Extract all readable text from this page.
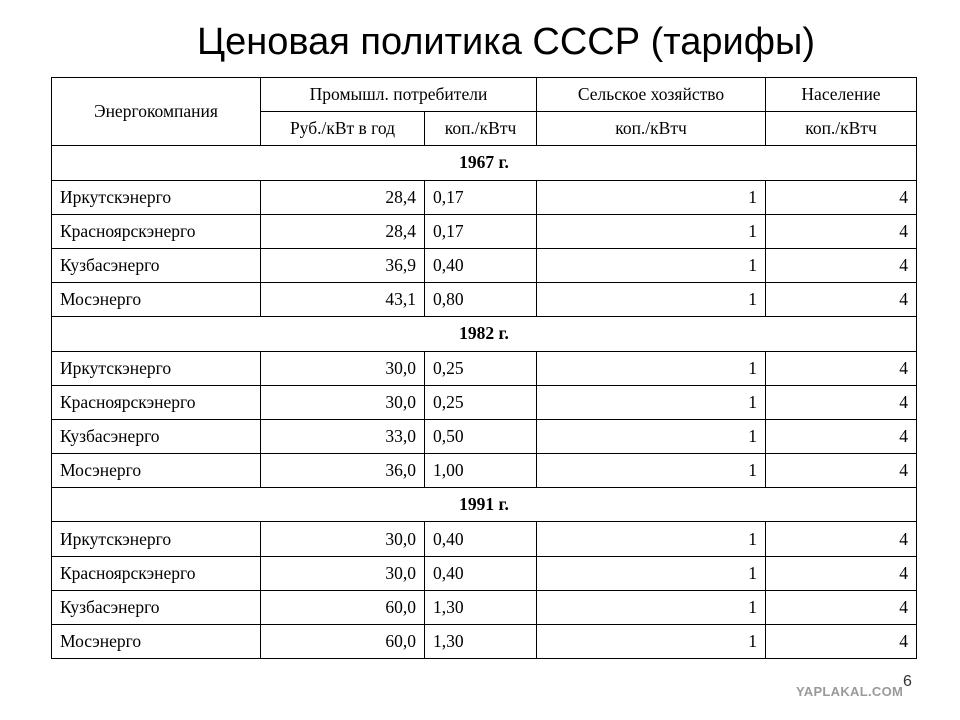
Ценовая политика СССР (тарифы)
Энергокомпания	Промышл. потребители		Сельское хозяйство	Население
	Руб./кВт в год	коп./кВтч	коп./кВтч	коп./кВтч
1967 г.				
Иркутскэнерго	28,4	0,17	1	4
Красноярскэнерго	28,4	0,17	1	4
Кузбасэнерго	36,9	0,40	1	4
Мосэнерго	43,1	0,80	1	4
1982 г.				
Иркутскэнерго	30,0	0,25	1	4
Красноярскэнерго	30,0	0,25	1	4
Кузбасэнерго	33,0	0,50	1	4
Мосэнерго	36,0	1,00	1	4
1991 г.				
Иркутскэнерго	30,0	0,40	1	4
Красноярскэнерго	30,0	0,40	1	4
Кузбасэнерго	60,0	1,30	1	4
Мосэнерго	60,0	1,30	1	4
6
YAPLAKAL.COM
